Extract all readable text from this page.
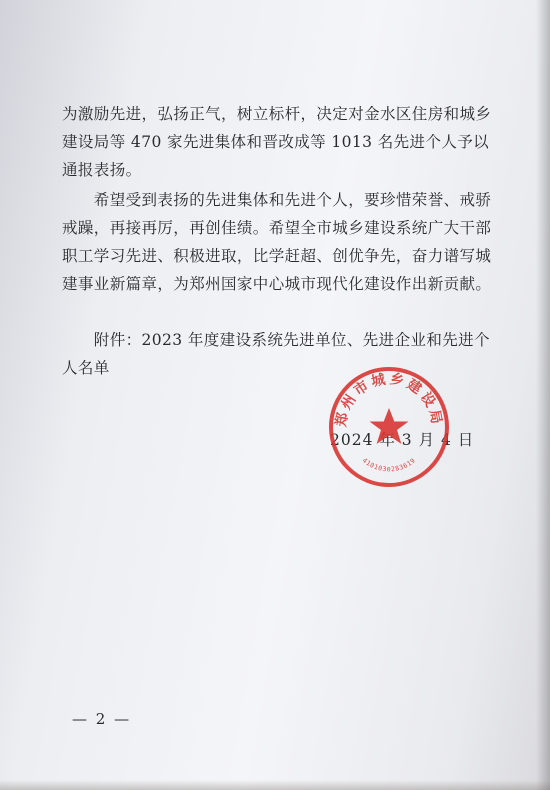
为激励先进，弘扬正气，树立标杆，决定对金水区住房和城乡建设局等 470 家先进集体和晋改成等 1013 名先进个人予以通报表扬。

　　希望受到表扬的先进集体和先进个人，要珍惜荣誉、戒骄戒躁，再接再厉，再创佳绩。希望全市城乡建设系统广大干部职工学习先进、积极进取，比学赶超、创优争先，奋力谱写城建事业新篇章，为郑州国家中心城市现代化建设作出新贡献。

　　附件：2023 年度建设系统先进单位、先进企业和先进个人名单

2024 年 3 月 4 日

郑州市城乡建设局
4101030283619

— 2 —
